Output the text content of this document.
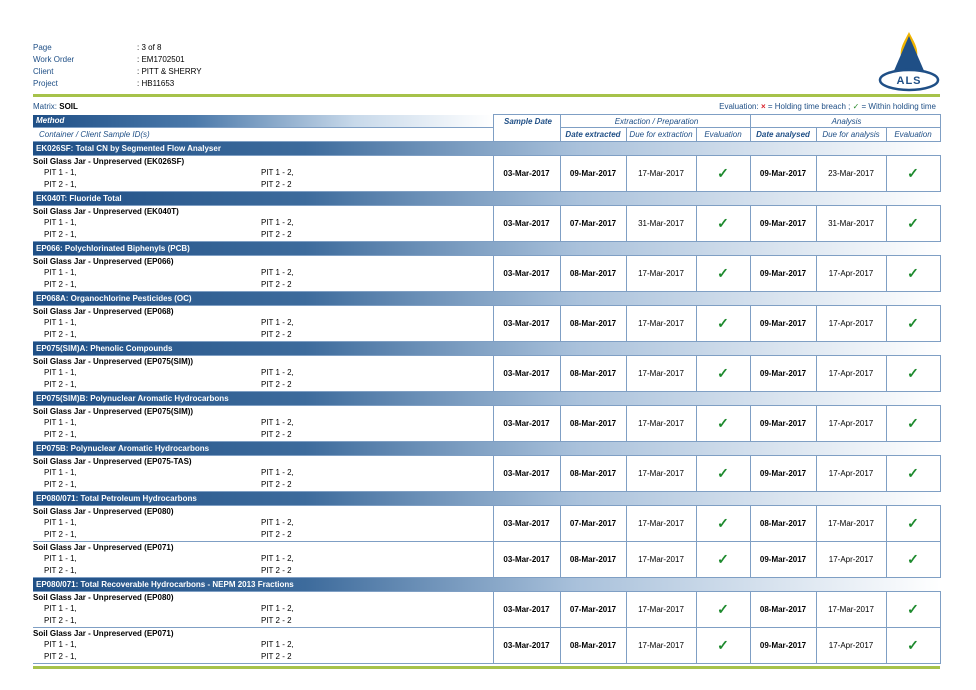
Page	: 3 of 8
Work Order	: EM1702501
Client	: PITT & SHERRY
Project	: HB11653	ALS
Matrix: SOIL	Evaluation: × = Holding time breach ; ✓ = Within holding time
Method	Sample Date	Extraction / Preparation			Analysis		
Container / Client Sample ID(s)		Date extracted	Due for extraction	Evaluation	Date analysed	Due for analysis	Evaluation
EK026SF: Total CN by Segmented Flow Analyser							

Soil Glass Jar - Unpreserved (EK026SF)
PIT 1 - 1, PIT 1 - 2,
PIT 2 - 1, PIT 2 - 2	03-Mar-2017	09-Mar-2017	17-Mar-2017	✓	09-Mar-2017	23-Mar-2017	✓
EK040T: Fluoride Total							

Soil Glass Jar - Unpreserved (EK040T)
PIT 1 - 1, PIT 1 - 2,
PIT 2 - 1, PIT 2 - 2	03-Mar-2017	07-Mar-2017	31-Mar-2017	✓	09-Mar-2017	31-Mar-2017	✓
EP066: Polychlorinated Biphenyls (PCB)							

Soil Glass Jar - Unpreserved (EP066)
PIT 1 - 1, PIT 1 - 2,
PIT 2 - 1, PIT 2 - 2	03-Mar-2017	08-Mar-2017	17-Mar-2017	✓	09-Mar-2017	17-Apr-2017	✓
EP068A: Organochlorine Pesticides (OC)							

Soil Glass Jar - Unpreserved (EP068)
PIT 1 - 1, PIT 1 - 2,
PIT 2 - 1, PIT 2 - 2	03-Mar-2017	08-Mar-2017	17-Mar-2017	✓	09-Mar-2017	17-Apr-2017	✓
EP075(SIM)A: Phenolic Compounds							

Soil Glass Jar - Unpreserved (EP075(SIM))
PIT 1 - 1, PIT 1 - 2,
PIT 2 - 1, PIT 2 - 2	03-Mar-2017	08-Mar-2017	17-Mar-2017	✓	09-Mar-2017	17-Apr-2017	✓
EP075(SIM)B: Polynuclear Aromatic Hydrocarbons							

Soil Glass Jar - Unpreserved (EP075(SIM))
PIT 1 - 1, PIT 1 - 2,
PIT 2 - 1, PIT 2 - 2	03-Mar-2017	08-Mar-2017	17-Mar-2017	✓	09-Mar-2017	17-Apr-2017	✓
EP075B: Polynuclear Aromatic Hydrocarbons							

Soil Glass Jar - Unpreserved (EP075-TAS)
PIT 1 - 1, PIT 1 - 2,
PIT 2 - 1, PIT 2 - 2	03-Mar-2017	08-Mar-2017	17-Mar-2017	✓	09-Mar-2017	17-Apr-2017	✓
EP080/071: Total Petroleum Hydrocarbons							

Soil Glass Jar - Unpreserved (EP080)
PIT 1 - 1, PIT 1 - 2,
PIT 2 - 1, PIT 2 - 2	03-Mar-2017	07-Mar-2017	17-Mar-2017	✓	08-Mar-2017	17-Mar-2017	✓

Soil Glass Jar - Unpreserved (EP071)
PIT 1 - 1, PIT 1 - 2,
PIT 2 - 1, PIT 2 - 2	03-Mar-2017	08-Mar-2017	17-Mar-2017	✓	09-Mar-2017	17-Apr-2017	✓
EP080/071: Total Recoverable Hydrocarbons - NEPM 2013 Fractions							

Soil Glass Jar - Unpreserved (EP080)
PIT 1 - 1, PIT 1 - 2,
PIT 2 - 1, PIT 2 - 2	03-Mar-2017	07-Mar-2017	17-Mar-2017	✓	08-Mar-2017	17-Mar-2017	✓

Soil Glass Jar - Unpreserved (EP071)
PIT 1 - 1, PIT 1 - 2,
PIT 2 - 1, PIT 2 - 2	03-Mar-2017	08-Mar-2017	17-Mar-2017	✓	09-Mar-2017	17-Apr-2017	✓
